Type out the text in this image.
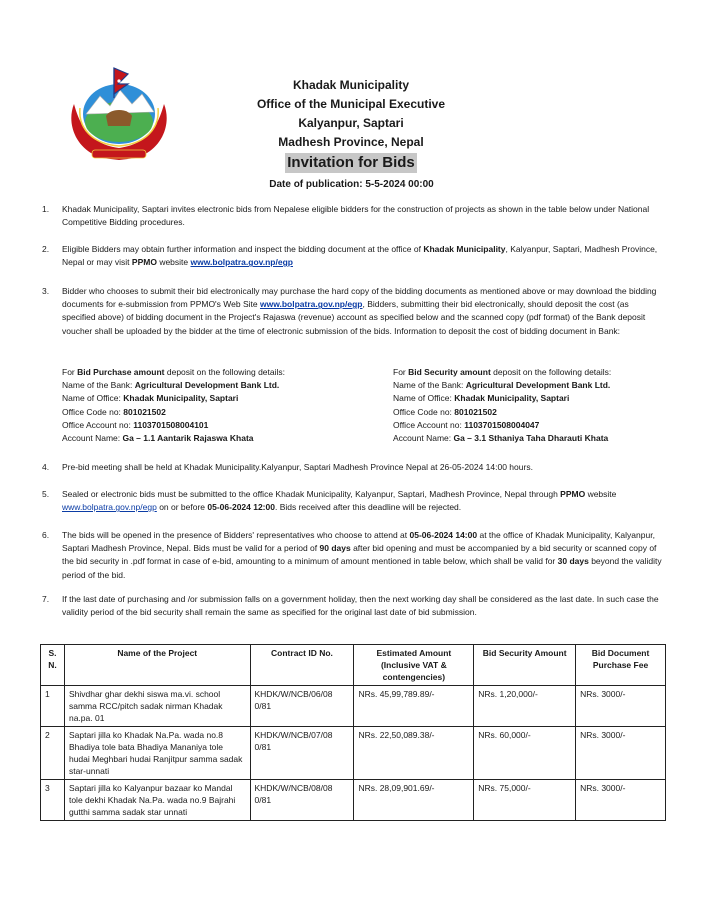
Khadak Municipality
Office of the Municipal Executive
Kalyanpur, Saptari
Madhesh Province, Nepal
Invitation for Bids
Date of publication: 5-5-2024 00:00
1. Khadak Municipality, Saptari invites electronic bids from Nepalese eligible bidders for the construction of projects as shown in the table below under National Competitive Bidding procedures.
2. Eligible Bidders may obtain further information and inspect the bidding document at the office of Khadak Municipality, Kalyanpur, Saptari, Madhesh Province, Nepal or may visit PPMO website www.bolpatra.gov.np/egp
3. Bidder who chooses to submit their bid electronically may purchase the hard copy of the bidding documents as mentioned above or may download the bidding documents for e-submission from PPMO's Web Site www.bolpatra.gov.np/egp, Bidders, submitting their bid electronically, should deposit the cost (as specified above) of bidding document in the Project's Rajaswa (revenue) account as specified below and the scanned copy (pdf format) of the Bank deposit voucher shall be uploaded by the bidder at the time of electronic submission of the bids. Information to deposit the cost of bidding document in Bank:
For Bid Purchase amount deposit on the following details:
Name of the Bank: Agricultural Development Bank Ltd.
Name of Office: Khadak Municipality, Saptari
Office Code no: 801021502
Office Account no: 1103701508004101
Account Name: Ga – 1.1 Aantarik Rajaswa Khata
For Bid Security amount deposit on the following details:
Name of the Bank: Agricultural Development Bank Ltd.
Name of Office: Khadak Municipality, Saptari
Office Code no: 801021502
Office Account no: 1103701508004047
Account Name: Ga – 3.1 Sthaniya Taha Dharauti Khata
4. Pre-bid meeting shall be held at Khadak Municipality.Kalyanpur, Saptari Madhesh Province Nepal at 26-05-2024 14:00 hours.
5. Sealed or electronic bids must be submitted to the office Khadak Municipality, Kalyanpur, Saptari, Madhesh Province, Nepal through PPMO website www.bolpatra.gov.np/egp on or before 05-06-2024 12:00. Bids received after this deadline will be rejected.
6. The bids will be opened in the presence of Bidders' representatives who choose to attend at 05-06-2024 14:00 at the office of Khadak Municipality, Kalyanpur, Saptari Madhesh Province, Nepal. Bids must be valid for a period of 90 days after bid opening and must be accompanied by a bid security or scanned copy of the bid security in .pdf format in case of e-bid, amounting to a minimum of amount mentioned in table below, which shall be valid for 30 days beyond the validity period of the bid.
7. If the last date of purchasing and /or submission falls on a government holiday, then the next working day shall be considered as the last date. In such case the validity period of the bid security shall remain the same as specified for the original last date of bid submission.
S. N.	Name of the Project	Contract ID No.	Estimated Amount (Inclusive VAT & contengencies)	Bid Security Amount	Bid Document Purchase Fee
1	Shivdhar ghar dekhi siswa ma.vi. school samma RCC/pitch sadak nirman Khadak na.pa. 01	KHDK/W/NCB/06/08 0/81	NRs. 45,99,789.89/-	NRs. 1,20,000/-	NRs. 3000/-
2	Saptari jilla ko Khadak Na.Pa. wada no.8 Bhadiya tole bata Bhadiya Mananiya tole hudai Meghbari hudai Ranjitpur samma sadak star-unnati	KHDK/W/NCB/07/08 0/81	NRs. 22,50,089.38/-	NRs. 60,000/-	NRs. 3000/-
3	Saptari jilla ko Kalyanpur bazaar ko Mandal tole dekhi Khadak Na.Pa. wada no.9 Bajrahi gutthi samma sadak star unnati	KHDK/W/NCB/08/08 0/81	NRs. 28,09,901.69/-	NRs. 75,000/-	NRs. 3000/-
